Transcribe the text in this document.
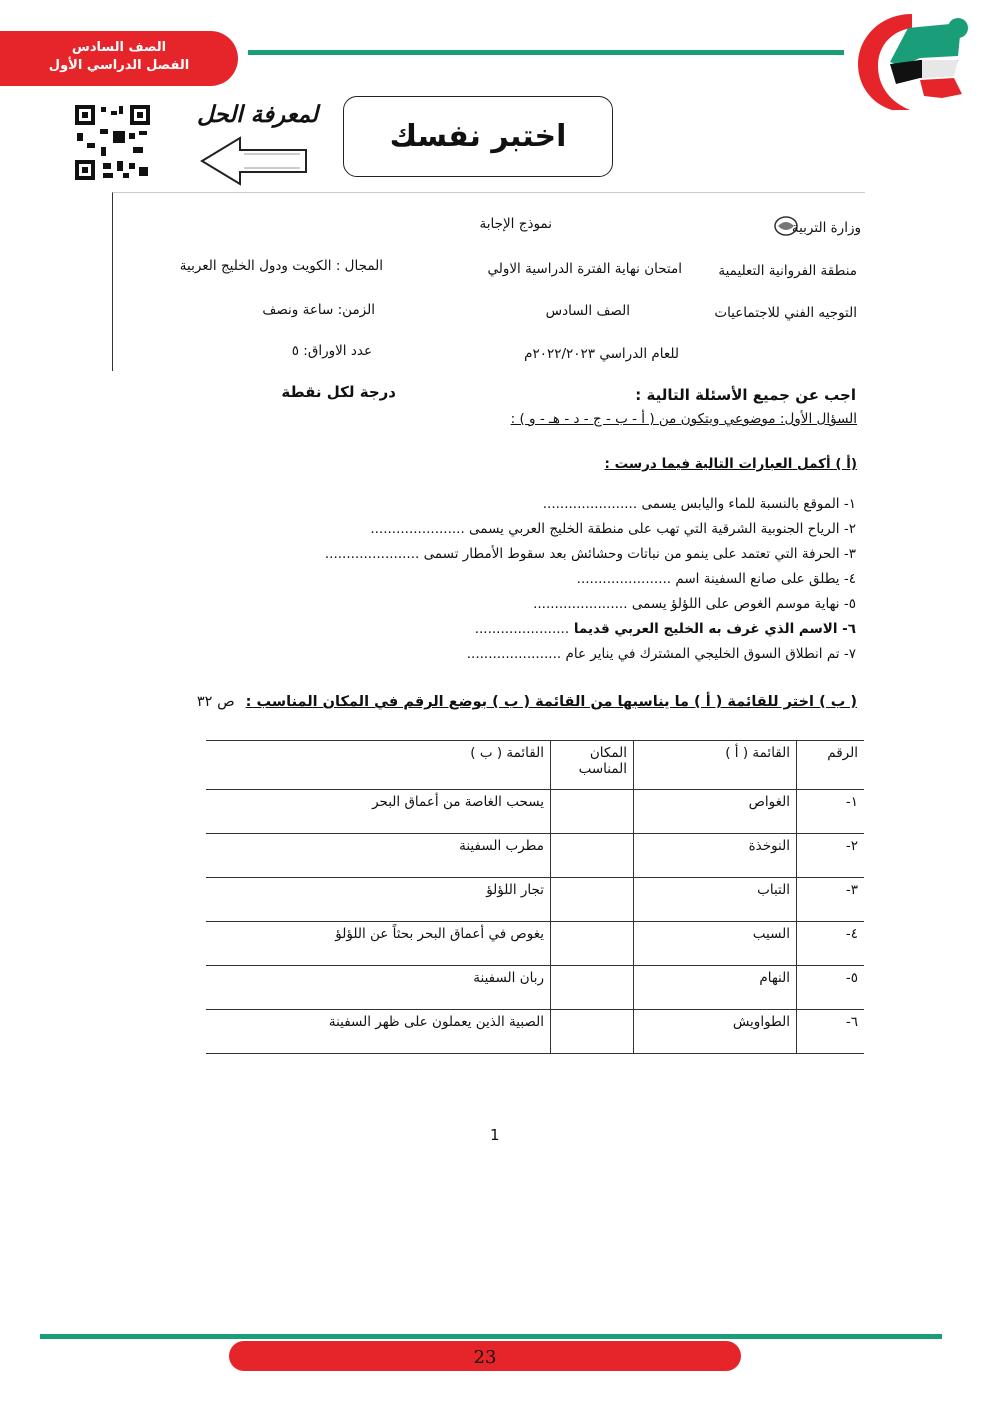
الصف السادس
الفصل الدراسي الأول
لمعرفة الحل
اختبر نفسك
وزارة التربية
نموذج الإجابة
منطقة الفروانية التعليمية
امتحان نهاية الفترة الدراسية الاولي
المجال : الكويت ودول الخليج العربية
التوجيه الفني للاجتماعيات
الصف السادس
الزمن: ساعة ونصف
للعام الدراسي ٢٠٢٢/٢٠٢٣م
عدد الاوراق: ٥
اجب عن جميع الأسئلة التالية :
درجة لكل نقطة
السؤال الأول: موضوعي ويتكون من ( أ - ب - ج - د - هـ - و ) :
(أ ) أكمل العبارات التالية فيما درست :
١- الموقع بالنسبة للماء واليابس يسمى ......................
٢- الرياح الجنوبية الشرقية التي تهب على منطقة الخليج العربي يسمى ......................
٣- الحرفة التي تعتمد على ينمو من نباتات وحشائش بعد سقوط الأمطار تسمى ......................
٤- يطلق على صانع السفينة اسم ......................
٥- نهاية موسم الغوص على اللؤلؤ يسمى ......................
٦- الاسم الذي غرف به الخليج العربي قديما ......................
٧- تم انطلاق السوق الخليجي المشترك في يناير عام ......................
( ب ) اختر للقائمة ( أ ) ما يناسبها من القائمة ( ب ) بوضع الرقم في المكان المناسب : ص ٣٢
الرقم	القائمة ( أ )	المكان المناسب	القائمة ( ب )
١-	الغواص		يسحب الغاصة من أعماق البحر
٢-	النوخذة		مطرب السفينة
٣-	التباب		تجار اللؤلؤ
٤-	السيب		يغوص في أعماق البحر بحثاً عن اللؤلؤ
٥-	النهام		ربان السفينة
٦-	الطواويش		الصبية الذين يعملون على ظهر السفينة
1
23
